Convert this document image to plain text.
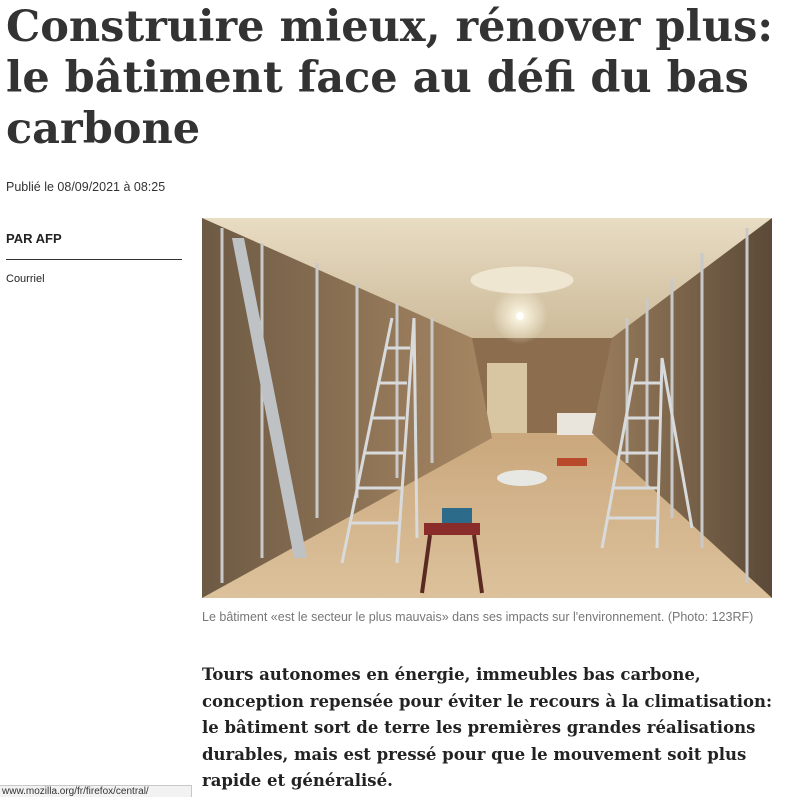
Construire mieux, rénover plus: le bâtiment face au défi du bas carbone
Publié le 08/09/2021 à 08:25
PAR AFP
Courriel
Le bâtiment «est le secteur le plus mauvais» dans ses impacts sur l'environnement. (Photo: 123RF)

Tours autonomes en énergie, immeubles bas carbone, conception repensée pour éviter le recours à la climatisation: le bâtiment sort de terre les premières grandes réalisations durables, mais est pressé pour que le mouvement soit plus rapide et généralisé.

www.mozilla.org/fr/firefox/central/
